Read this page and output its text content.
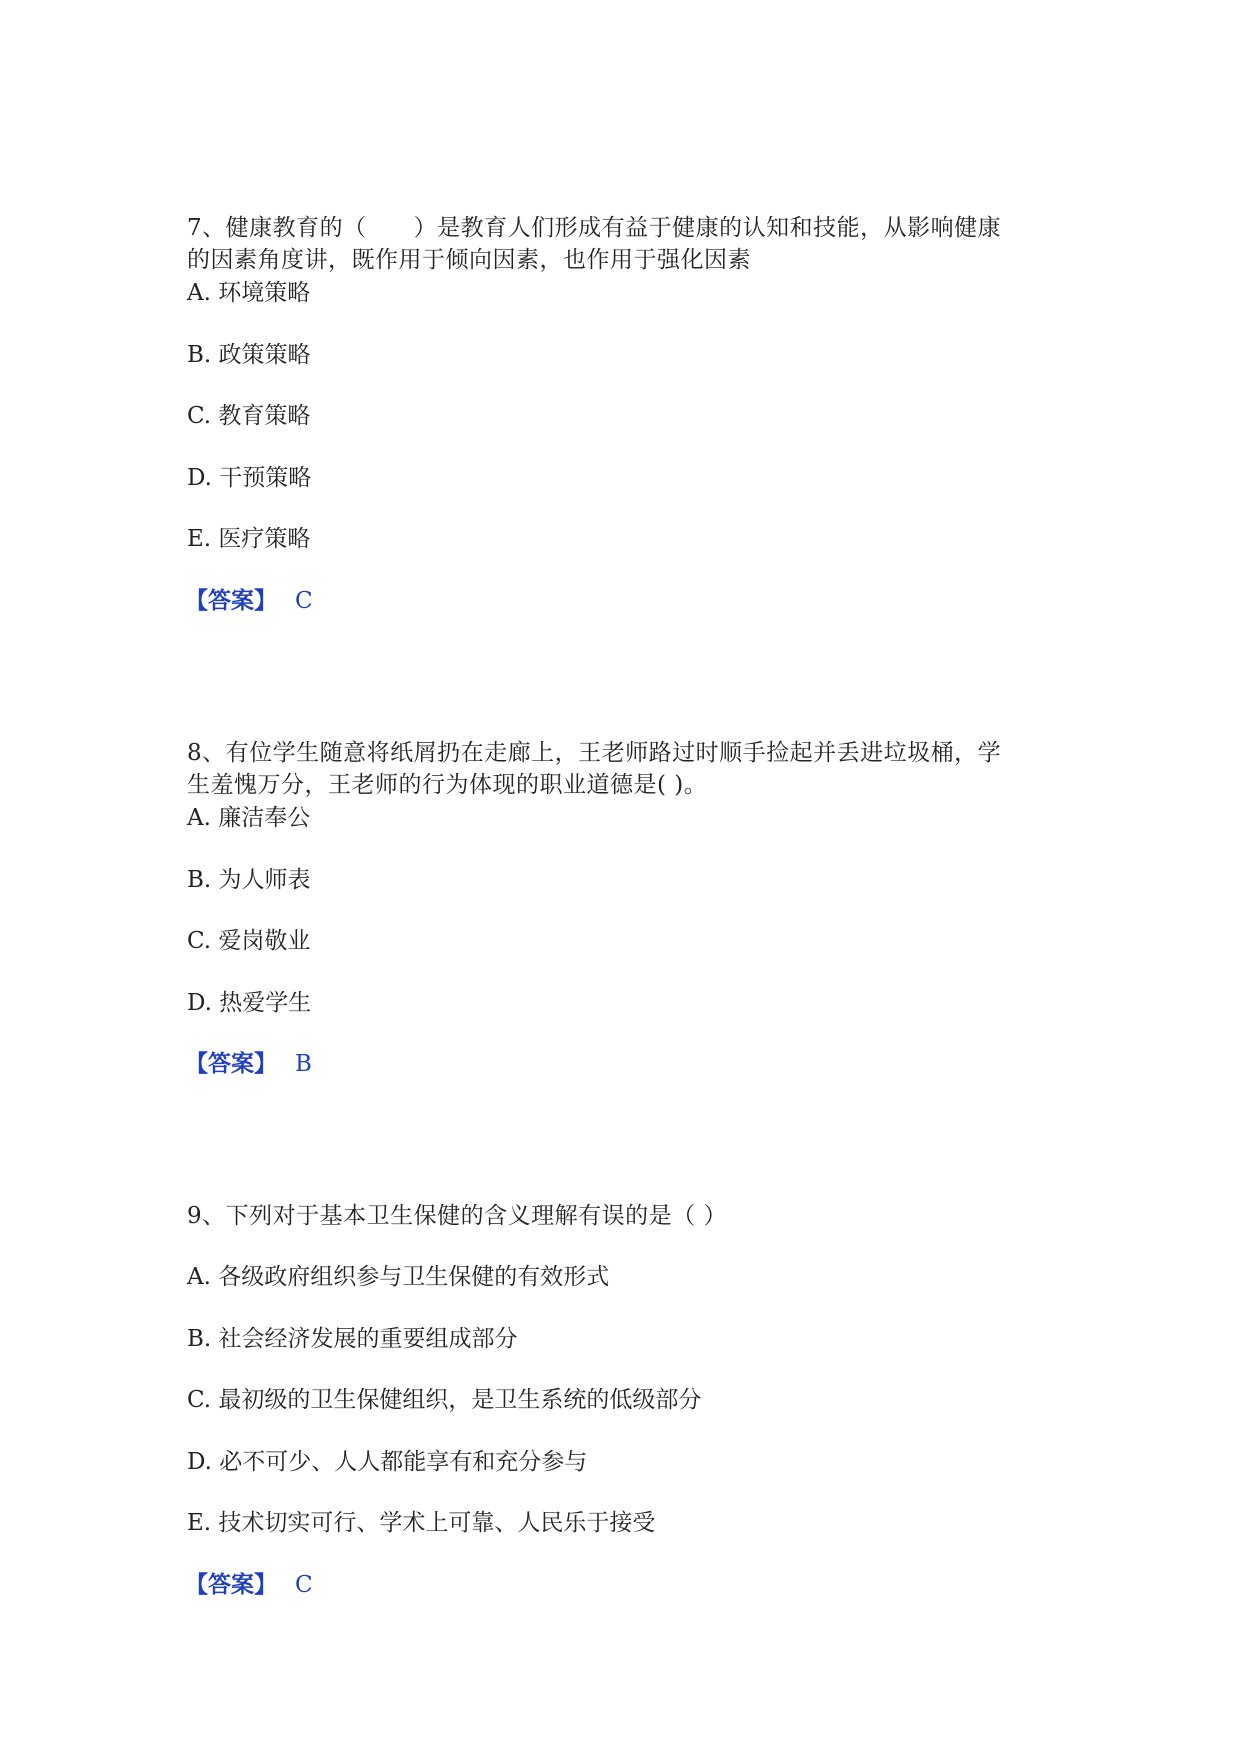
7、健康教育的（　　）是教育人们形成有益于健康的认知和技能，从影响健康

的因素角度讲，既作用于倾向因素，也作用于强化因素

A. 环境策略

B. 政策策略

C. 教育策略

D. 干预策略

E. 医疗策略

【答案】 C

8、有位学生随意将纸屑扔在走廊上，王老师路过时顺手捡起并丢进垃圾桶，学

生羞愧万分，王老师的行为体现的职业道德是( )。

A. 廉洁奉公

B. 为人师表

C. 爱岗敬业

D. 热爱学生

【答案】 B

9、下列对于基本卫生保健的含义理解有误的是（ ）

A. 各级政府组织参与卫生保健的有效形式

B. 社会经济发展的重要组成部分

C. 最初级的卫生保健组织，是卫生系统的低级部分

D. 必不可少、人人都能享有和充分参与

E. 技术切实可行、学术上可靠、人民乐于接受

【答案】 C
